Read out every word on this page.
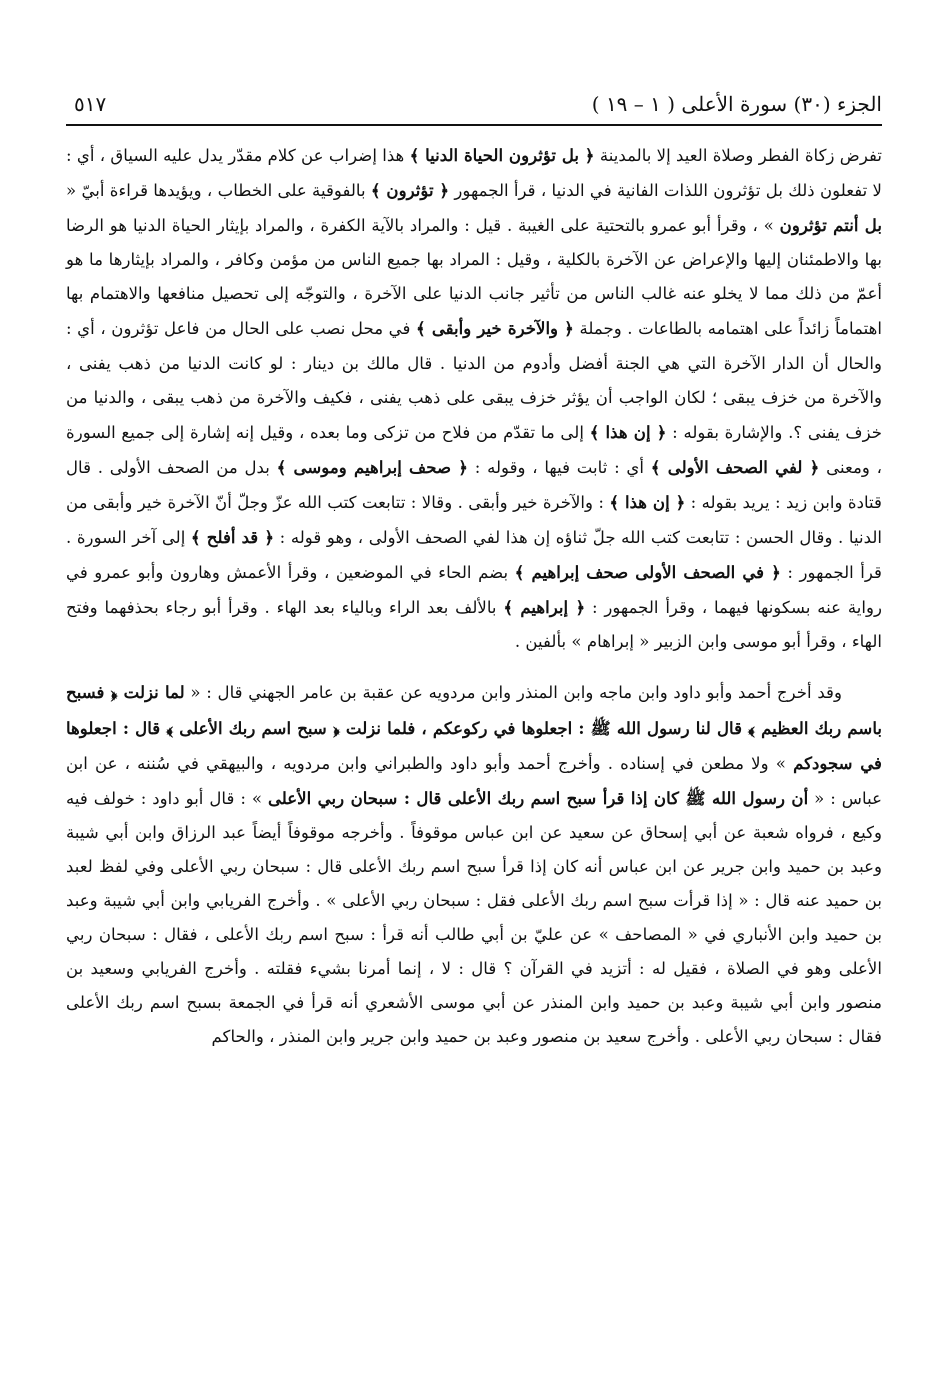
الجزء (٣٠) سورة الأعلى ( ١ – ١٩ )
٥١٧

تفرض زكاة الفطر وصلاة العيد إلا بالمدينة ﴿ بل تؤثرون الحياة الدنيا ﴾ هذا إضراب عن كلام مقدّر يدل عليه السياق ، أي : لا تفعلون ذلك بل تؤثرون اللذات الفانية في الدنيا ، قرأ الجمهور ﴿ تؤثرون ﴾ بالفوقية على الخطاب ، ويؤيدها قراءة أبيّ « بل أنتم تؤثرون » ، وقرأ أبو عمرو بالتحتية على الغيبة . قيل : والمراد بالآية الكفرة ، والمراد بإيثار الحياة الدنيا هو الرضا بها والاطمئنان إليها والإعراض عن الآخرة بالكلية ، وقيل : المراد بها جميع الناس من مؤمن وكافر ، والمراد بإيثارها ما هو أعمّ من ذلك مما لا يخلو عنه غالب الناس من تأثير جانب الدنيا على الآخرة ، والتوجّه إلى تحصيل منافعها والاهتمام بها اهتماماً زائداً على اهتمامه بالطاعات . وجملة ﴿ والآخرة خير وأبقى ﴾ في محل نصب على الحال من فاعل تؤثرون ، أي : والحال أن الدار الآخرة التي هي الجنة أفضل وأدوم من الدنيا . قال مالك بن دينار : لو كانت الدنيا من ذهب يفنى ، والآخرة من خزف يبقى ؛ لكان الواجب أن يؤثر خزف يبقى على ذهب يفنى ، فكيف والآخرة من ذهب يبقى ، والدنيا من خزف يفنى ؟. والإشارة بقوله : ﴿ إن هذا ﴾ إلى ما تقدّم من فلاح من تزكى وما بعده ، وقيل إنه إشارة إلى جميع السورة ، ومعنى ﴿ لفي الصحف الأولى ﴾ أي : ثابت فيها ، وقوله : ﴿ صحف إبراهيم وموسى ﴾ بدل من الصحف الأولى . قال قتادة وابن زيد : يريد بقوله : ﴿ إن هذا ﴾ : والآخرة خير وأبقى . وقالا : تتابعت كتب الله عزّ وجلّ أنّ الآخرة خير وأبقى من الدنيا . وقال الحسن : تتابعت كتب الله جلّ ثناؤه إن هذا لفي الصحف الأولى ، وهو قوله : ﴿ قد أفلح ﴾ إلى آخر السورة . قرأ الجمهور : ﴿ في الصحف الأولى صحف إبراهيم ﴾ بضم الحاء في الموضعين ، وقرأ الأعمش وهارون وأبو عمرو في رواية عنه بسكونها فيهما ، وقرأ الجمهور : ﴿ إبراهيم ﴾ بالألف بعد الراء وبالياء بعد الهاء . وقرأ أبو رجاء بحذفهما وفتح الهاء ، وقرأ أبو موسى وابن الزبير « إبراهام » بألفين .

وقد أخرج أحمد وأبو داود وابن ماجه وابن المنذر وابن مردويه عن عقبة بن عامر الجهني قال : « لما نزلت ﴿ فسبح باسم ربك العظيم ﴾ قال لنا رسول الله ﷺ : اجعلوها في ركوعكم ، فلما نزلت ﴿ سبح اسم ربك الأعلى ﴾ قال : اجعلوها في سجودكم » ولا مطعن في إسناده . وأخرج أحمد وأبو داود والطبراني وابن مردويه ، والبيهقي في سُننه ، عن ابن عباس : « أن رسول الله ﷺ كان إذا قرأ سبح اسم ربك الأعلى قال : سبحان ربي الأعلى » : قال أبو داود : خولف فيه وكيع ، فرواه شعبة عن أبي إسحاق عن سعيد عن ابن عباس موقوفاً . وأخرجه موقوفاً أيضاً عبد الرزاق وابن أبي شيبة وعبد بن حميد وابن جرير عن ابن عباس أنه كان إذا قرأ سبح اسم ربك الأعلى قال : سبحان ربي الأعلى وفي لفظ لعبد بن حميد عنه قال : « إذا قرأت سبح اسم ربك الأعلى فقل : سبحان ربي الأعلى » . وأخرج الفريابي وابن أبي شيبة وعبد بن حميد وابن الأنباري في « المصاحف » عن عليّ بن أبي طالب أنه قرأ : سبح اسم ربك الأعلى ، فقال : سبحان ربي الأعلى وهو في الصلاة ، فقيل له : أتزيد في القرآن ؟ قال : لا ، إنما أمرنا بشيء فقلته . وأخرج الفريابي وسعيد بن منصور وابن أبي شيبة وعبد بن حميد وابن المنذر عن أبي موسى الأشعري أنه قرأ في الجمعة بسبح اسم ربك الأعلى فقال : سبحان ربي الأعلى . وأخرج سعيد بن منصور وعبد بن حميد وابن جرير وابن المنذر ، والحاكم
